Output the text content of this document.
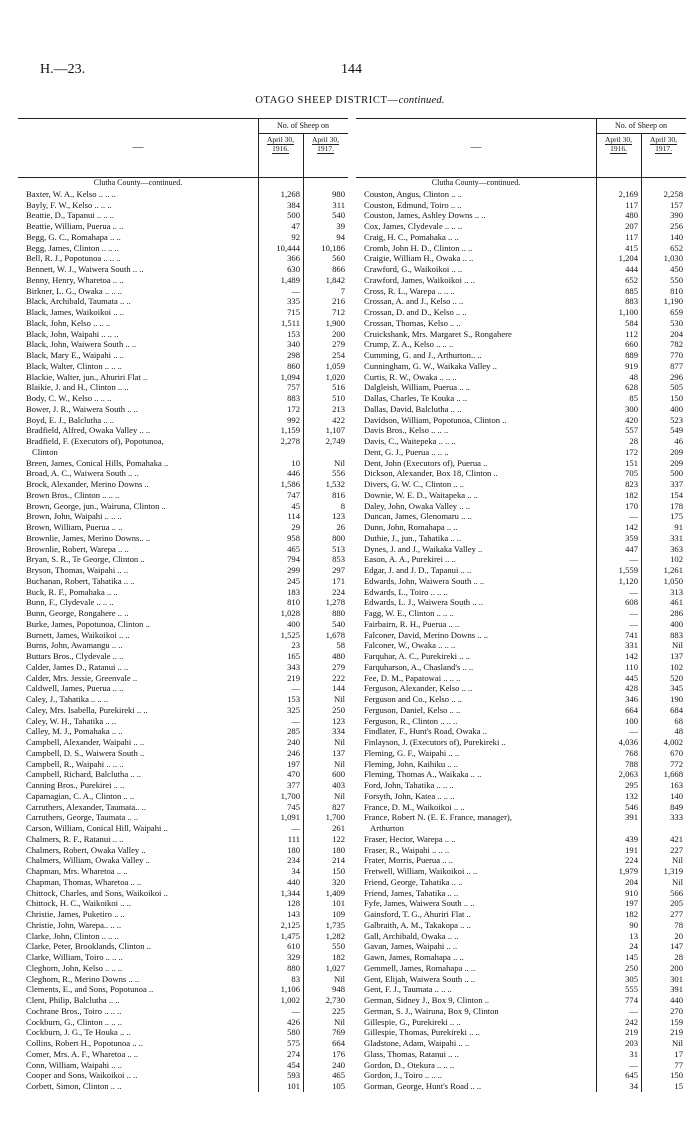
H.—23.	144
OTAGO SHEEP DISTRICT—continued.
—
No. of Sheep on
April 30,
1916.
April 30,
1917.
Clutha County—continued.
Baxter, W. A., Kelso .. .. ..	1,268	980
Bayly, F. W., Kelso .. .. ..	384	311
Beattie, D., Tapanui .. .. ..	500	540
Beattie, William, Puerua .. ..	47	39
Begg, G. C., Romahapa .. ..	92	94
Begg, James, Clinton .. .. ..	10,444	10,186
Bell, R. J., Popotunoa .. .. ..	366	560
Bennett, W. J., Waiwera South .. ..	630	866
Benny, Henry, Wharetoa .. ..	1,489	1,842
Birkner, L. G., Owaka .. .. ..	—	7
Black, Archibald, Taumata .. ..	335	216
Black, James, Waikoikoi .. ..	715	712
Black, John, Kelso .. .. ..	1,511	1,900
Black, John, Waipahi .. .. ..	153	200
Black, John, Waiwera South .. ..	340	279
Black, Mary E., Waipahi .. ..	298	254
Black, Walter, Clinton .. .. ..	860	1,059
Blackie, Walter, jun., Ahuriri Flat ..	1,094	1,020
Blaikie, J. and H., Clinton .. ..	757	516
Body, C. W., Kelso .. .. ..	883	510
Bower, J. R., Waiwera South .. ..	172	213
Boyd, E. J., Balclutha .. ..	992	422
Bradfield, Alfred, Owaka Valley .. ..	1,159	1,107
Bradfield, F. (Executors of), Popotunoa,	2,278	2,749
Clinton
Breen, James, Conical Hills, Pomahaka ..	10	Nil
Broad, A. C., Waiwera South .. ..	446	556
Brock, Alexander, Merino Downs ..	1,586	1,532
Brown Bros., Clinton .. .. ..	747	816
Brown, George, jun., Wairuna, Clinton ..	45	8
Brown, John, Waipahi .. .. ..	114	123
Brown, William, Puerua .. ..	29	26
Brownlie, James, Merino Downs.. ..	958	800
Brownlie, Robert, Warepa .. ..	465	513
Bryan, S. R., Te George, Clinton ..	794	853
Bryson, Thomas, Waipahi .. ..	299	297
Buchanan, Robert, Tahatika .. ..	245	171
Buck, R. F., Pomahaka .. ..	183	224
Bunn, F., Clydevale .. .. ..	810	1,278
Bunn, George, Rongahere .. ..	1,028	880
Burke, James, Popotunoa, Clinton ..	400	540
Burnett, James, Waikoikoi .. ..	1,525	1,678
Burns, John, Awamangu .. ..	23	58
Buttars Bros., Clydevale .. ..	165	480
Calder, James D., Ratanui .. ..	343	279
Calder, Mrs. Jessie, Greenvale ..	219	222
Caldwell, James, Puerua .. ..	—	144
Caley, J., Tahatika .. .. ..	153	Nil
Caley, Mrs. Isabella, Purekireki .. ..	325	250
Caley, W. H., Tahatika .. ..	—	123
Calley, M. J., Pomahaka .. ..	285	334
Campbell, Alexander, Waipahi .. ..	240	Nil
Campbell, D. S., Waiwera South ..	246	137
Campbell, R., Waipahi .. .. ..	197	Nil
Campbell, Richard, Balclutha .. ..	470	600
Canning Bros., Purekirei .. ..	377	403
Capamagian, C. A., Clinton .. ..	1,700	Nil
Carruthers, Alexander, Taumata.. ..	745	827
Carruthers, George, Taumata .. ..	1,091	1,700
Carson, William, Conical Hill, Waipahi ..	—	261
Chalmers, R. F., Ratanui .. ..	111	122
Chalmers, Robert, Owaka Valley ..	180	180
Chalmers, William, Owaka Valley ..	234	214
Chapman, Mrs. Wharetoa .. ..	34	150
Chapman, Thomas, Wharetoa .. ..	440	320
Chittock, Charles, and Sons, Waikoikoi ..	1,344	1,409
Chittock, H. C., Waikoikoi .. ..	128	101
Christie, James, Puketiro .. ..	143	109
Christie, John, Warepa.. .. ..	2,125	1,735
Clarke, John, Clinton .. .. ..	1,475	1,282
Clarke, Peter, Brooklands, Clinton ..	610	550
Clarke, William, Toiro .. .. ..	329	182
Cleghorn, John, Kelso .. .. ..	880	1,027
Cleghorn, R., Merino Downs .. ..	83	Nil
Clements, E., and Sons, Popotunoa ..	1,106	948
Clent, Philip, Balclutha .. ..	1,002	2,730
Cochrane Bros., Toiro .. .. ..	—	225
Cockburn, G., Clinton .. .. ..	426	Nil
Cockburn, J. G., Te Houka .. ..	580	769
Collins, Robert H., Popotunoa .. ..	575	664
Comer, Mrs. A. F., Wharetoa .. ..	274	176
Conn, William, Waipahi .. ..	454	240
Cooper and Sons, Waikoikoi .. ..	593	465
Corbett, Simon, Clinton .. ..	101	105
—
No. of Sheep on
April 30,
1916.
April 30,
1917.
Clutha County—continued.
Couston, Angus, Clinton .. ..	2,169	2,258
Couston, Edmund, Toiro .. ..	117	157
Couston, James, Ashley Downs .. ..	480	390
Cox, James, Clydevale .. .. ..	207	256
Craig, H. C., Pomahaka .. ..	117	140
Cromb, John H. D., Clinton .. ..	415	652
Craigie, William H., Owaka .. ..	1,204	1,030
Crawford, G., Waikoikoi .. ..	444	450
Crawford, James, Waikoikoi .. ..	652	550
Cross, R. L., Warepa .. .. ..	885	810
Crossan, A. and J., Kelso .. ..	883	1,190
Crossan, D. and D., Kelso .. ..	1,100	659
Crossan, Thomas, Kelso .. ..	584	530
Cruickshank, Mrs. Margaret S., Rongahere	112	204
Crump, Z. A., Kelso .. .. ..	660	782
Cumming, G. and J., Arthurton.. ..	889	770
Cunningham, G. W., Waikaka Valley ..	919	877
Curtis, R. W., Owaka .. .. ..	48	296
Dalgleish, William, Puerua .. ..	628	505
Dallas, Charles, Te Kouka .. ..	85	150
Dallas, David, Balclutha .. ..	300	400
Davidson, William, Popotunoa, Clinton ..	420	523
Davis Bros., Kelso .. .. ..	557	549
Davis, C., Waitepeka .. .. ..	28	46
Dent, G. J., Puerua .. .. ..	172	209
Dent, John (Executors of), Puerua ..	151	209
Dickson, Alexander, Box 18, Clinton ..	705	500
Divers, G. W. C., Clinton .. ..	823	337
Downie, W. E. D., Waitapeka .. ..	182	154
Daley, John, Owaka Valley .. ..	170	178
Duncan, James, Glenomaru .. ..	—	175
Dunn, John, Romahapa .. ..	142	91
Duthie, J., jun., Tahatika .. ..	359	331
Dynes, J. and J., Waikaka Valley ..	447	363
Eason, A. A., Purekirei .. ..	—	102
Edgar, J. and J. D., Tapanui .. ..	1,559	1,261
Edwards, John, Waiwera South .. ..	1,120	1,050
Edwards, L., Toiro .. .. ..	—	313
Edwards, L. J., Waiwera South .. ..	608	461
Fagg, W. E., Clinton .. .. ..	—	286
Fairbairn, R. H., Puerua .. ..	—	400
Falconer, David, Merino Downs .. ..	741	883
Falconer, W., Owaka .. .. ..	331	Nil
Farquhar, A. C., Purekireki .. ..	142	137
Farquharson, A., Chasland's .. ..	110	102
Fee, D. M., Papatowai .. .. ..	445	520
Ferguson, Alexander, Kelso .. ..	428	345
Ferguson and Co., Kelso .. ..	346	190
Ferguson, Daniel, Kelso .. ..	664	684
Ferguson, R., Clinton .. .. ..	100	68
Findlater, F., Hunt's Road, Owaka ..	—	48
Finlayson, J. (Executors of), Purekireki ..	4,036	4,002
Fleming, G. F., Waipahi .. ..	768	670
Fleming, John, Kaihiku .. ..	788	772
Fleming, Thomas A., Waikaka .. ..	2,063	1,668
Ford, John, Tahatika .. .. ..	295	163
Forsyth, John, Katea .. .. ..	132	140
France, D. M., Waikoikoi .. ..	546	849
France, Robert N. (E. E. France, manager),	391	333
Arthurton
Fraser, Hector, Warepa .. ..	439	421
Fraser, R., Waipahi .. .. ..	191	227
Frater, Morris, Puerua .. ..	224	Nil
Fretwell, William, Waikoikoi .. ..	1,979	1,319
Friend, George, Tahatika .. ..	204	Nil
Friend, James, Tahatika .. ..	910	566
Fyfe, James, Waiwera South .. ..	197	205
Gainsford, T. G., Ahuriri Flat ..	182	277
Galbraith, A. M., Takakopa .. ..	90	78
Gall, Archibald, Owaka .. ..	13	20
Gavan, James, Waipahi .. ..	24	147
Gawn, James, Romahapa .. ..	145	28
Gemmell, James, Romahapa .. ..	250	200
Gent, Elijah, Waiwera South .. ..	305	301
Gent, F. J., Taumata .. .. ..	555	391
German, Sidney J., Box 9, Clinton ..	774	440
German, S. J., Wairuna, Box 9, Clinton	—	270
Gillespie, G., Purekireki .. ..	242	159
Gillespie, Thomas, Purekireki .. ..	219	219
Gladstone, Adam, Waipahi .. ..	203	Nil
Glass, Thomas, Ratanui .. ..	31	17
Gordon, D., Otekura .. .. ..	—	77
Gordon, J., Toiro .. .. ..	645	150
Gorman, George, Hunt's Road .. ..	34	15
